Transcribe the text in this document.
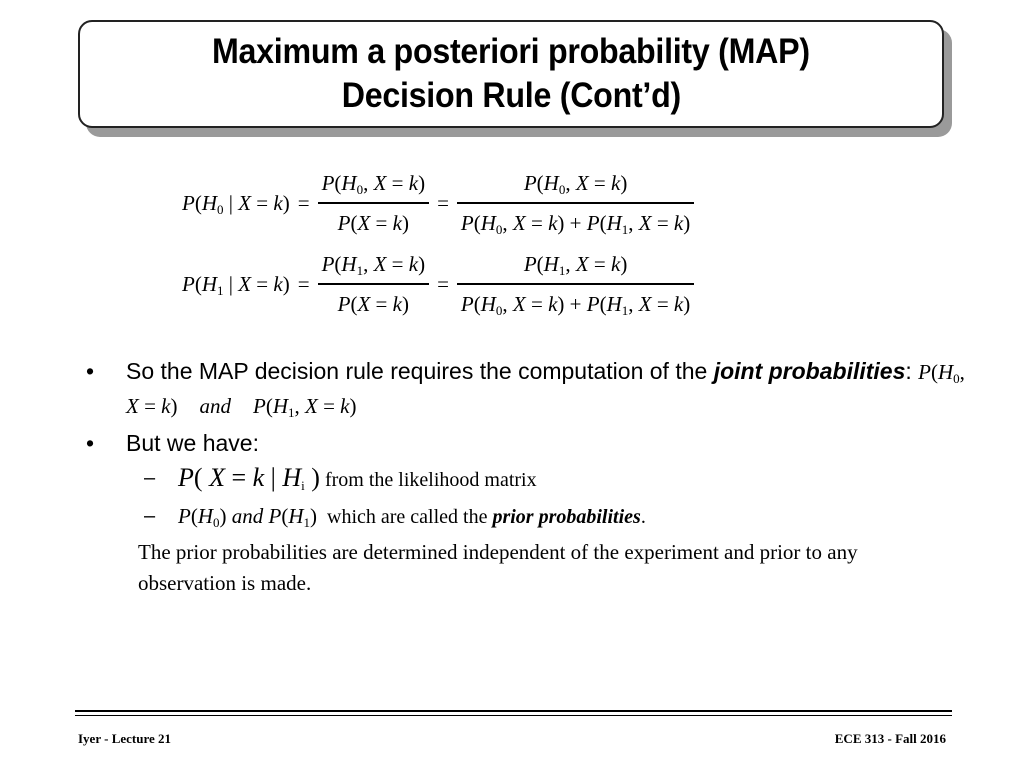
Maximum a posteriori probability (MAP)
Decision Rule (Cont’d)
$P(H_0$ | $X = k) = \frac{P(H_0, X = k)}{P(X = k)} = \frac{P(H_0, X = k)}{P(H_0, X = k) + P(H_1, X = k)}$
$P(H_1$ | $X = k) = \frac{P(H_1, X = k)}{P(X = k)} = \frac{P(H_1, X = k)}{P(H_0, X = k) + P(H_1, X = k)}$
• So the MAP decision rule requires the computation of the joint probabilities: $P(H_0$, X = k) and $P(H_1$, X = k)
• But we have:
– P( X = k | $H_i$ ) from the likelihood matrix
– $P(H_0)$ and $P(H_1)$ which are called the prior probabilities.
The prior probabilities are determined independent of the experiment and prior to any observation is made.
Iyer - Lecture 21	ECE 313 - Fall 2016
